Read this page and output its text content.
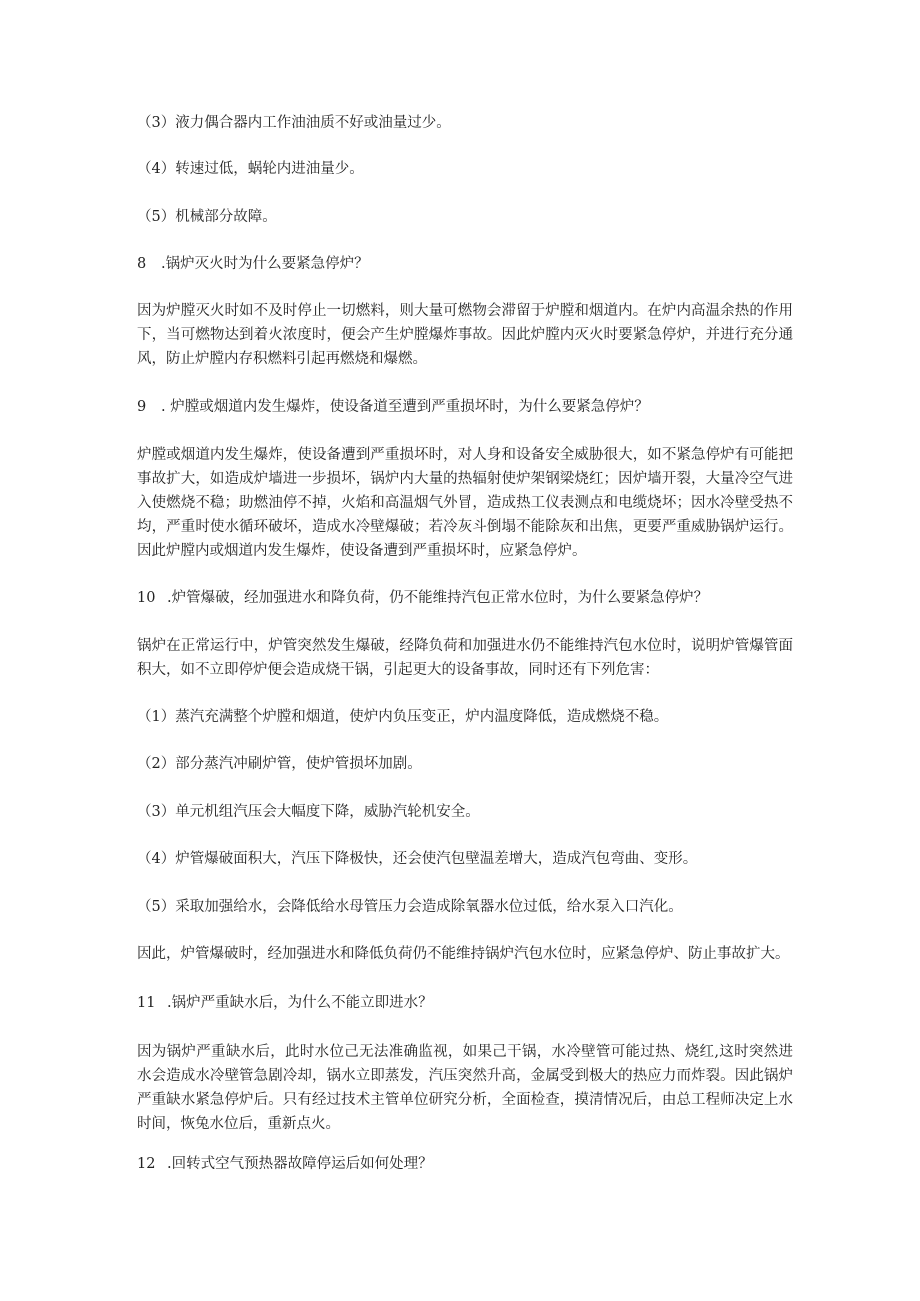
（3）液力偶合器内工作油油质不好或油量过少。
（4）转速过低，蜗轮内进油量少。
（5）机械部分故障。
8 .锅炉灭火时为什么要紧急停炉？
因为炉膛灭火时如不及时停止一切燃料，则大量可燃物会滞留于炉膛和烟道内。在炉内高温余热的作用下，当可燃物达到着火浓度时，便会产生炉膛爆炸事故。因此炉膛内灭火时要紧急停炉，并进行充分通风，防止炉膛内存积燃料引起再燃烧和爆燃。
9 . 炉膛或烟道内发生爆炸，使设备道至遭到严重损坏时，为什么要紧急停炉？
炉膛或烟道内发生爆炸，使设备遭到严重损坏时，对人身和设备安全威胁很大，如不紧急停炉有可能把事故扩大，如造成炉墙进一步损坏，锅炉内大量的热辐射使炉架钢梁烧红；因炉墙开裂，大量冷空气进入使燃烧不稳；助燃油停不掉，火焰和高温烟气外冒，造成热工仪表测点和电缆烧坏；因水冷壁受热不均，严重时使水循环破坏，造成水冷壁爆破；若冷灰斗倒塌不能除灰和出焦，更要严重威胁锅炉运行。因此炉膛内或烟道内发生爆炸，使设备遭到严重损坏时，应紧急停炉。
10 .炉管爆破，经加强进水和降负荷，仍不能维持汽包正常水位时，为什么要紧急停炉？
锅炉在正常运行中，炉管突然发生爆破，经降负荷和加强进水仍不能维持汽包水位时，说明炉管爆管面积大，如不立即停炉便会造成烧干锅，引起更大的设备事故，同时还有下列危害：
（1）蒸汽充满整个炉膛和烟道，使炉内负压变正，炉内温度降低，造成燃烧不稳。
（2）部分蒸汽冲刷炉管，使炉管损坏加剧。
（3）单元机组汽压会大幅度下降，威胁汽轮机安全。
（4）炉管爆破面积大，汽压下降极快，还会使汽包壁温差增大，造成汽包弯曲、变形。
（5）采取加强给水，会降低给水母管压力会造成除氧器水位过低，给水泵入口汽化。
因此，炉管爆破时，经加强进水和降低负荷仍不能维持锅炉汽包水位时，应紧急停炉、防止事故扩大。
11 .锅炉严重缺水后，为什么不能立即进水？
因为锅炉严重缺水后，此时水位己无法准确监视，如果己干锅，水冷壁管可能过热、烧红,这时突然进水会造成水冷壁管急剧冷却，锅水立即蒸发，汽压突然升高，金属受到极大的热应力而炸裂。因此锅炉严重缺水紧急停炉后。只有经过技术主管单位研究分析，全面检查，摸清情况后，由总工程师决定上水时间，恢兔水位后，重新点火。
12 .回转式空气预热器故障停运后如何处理？
